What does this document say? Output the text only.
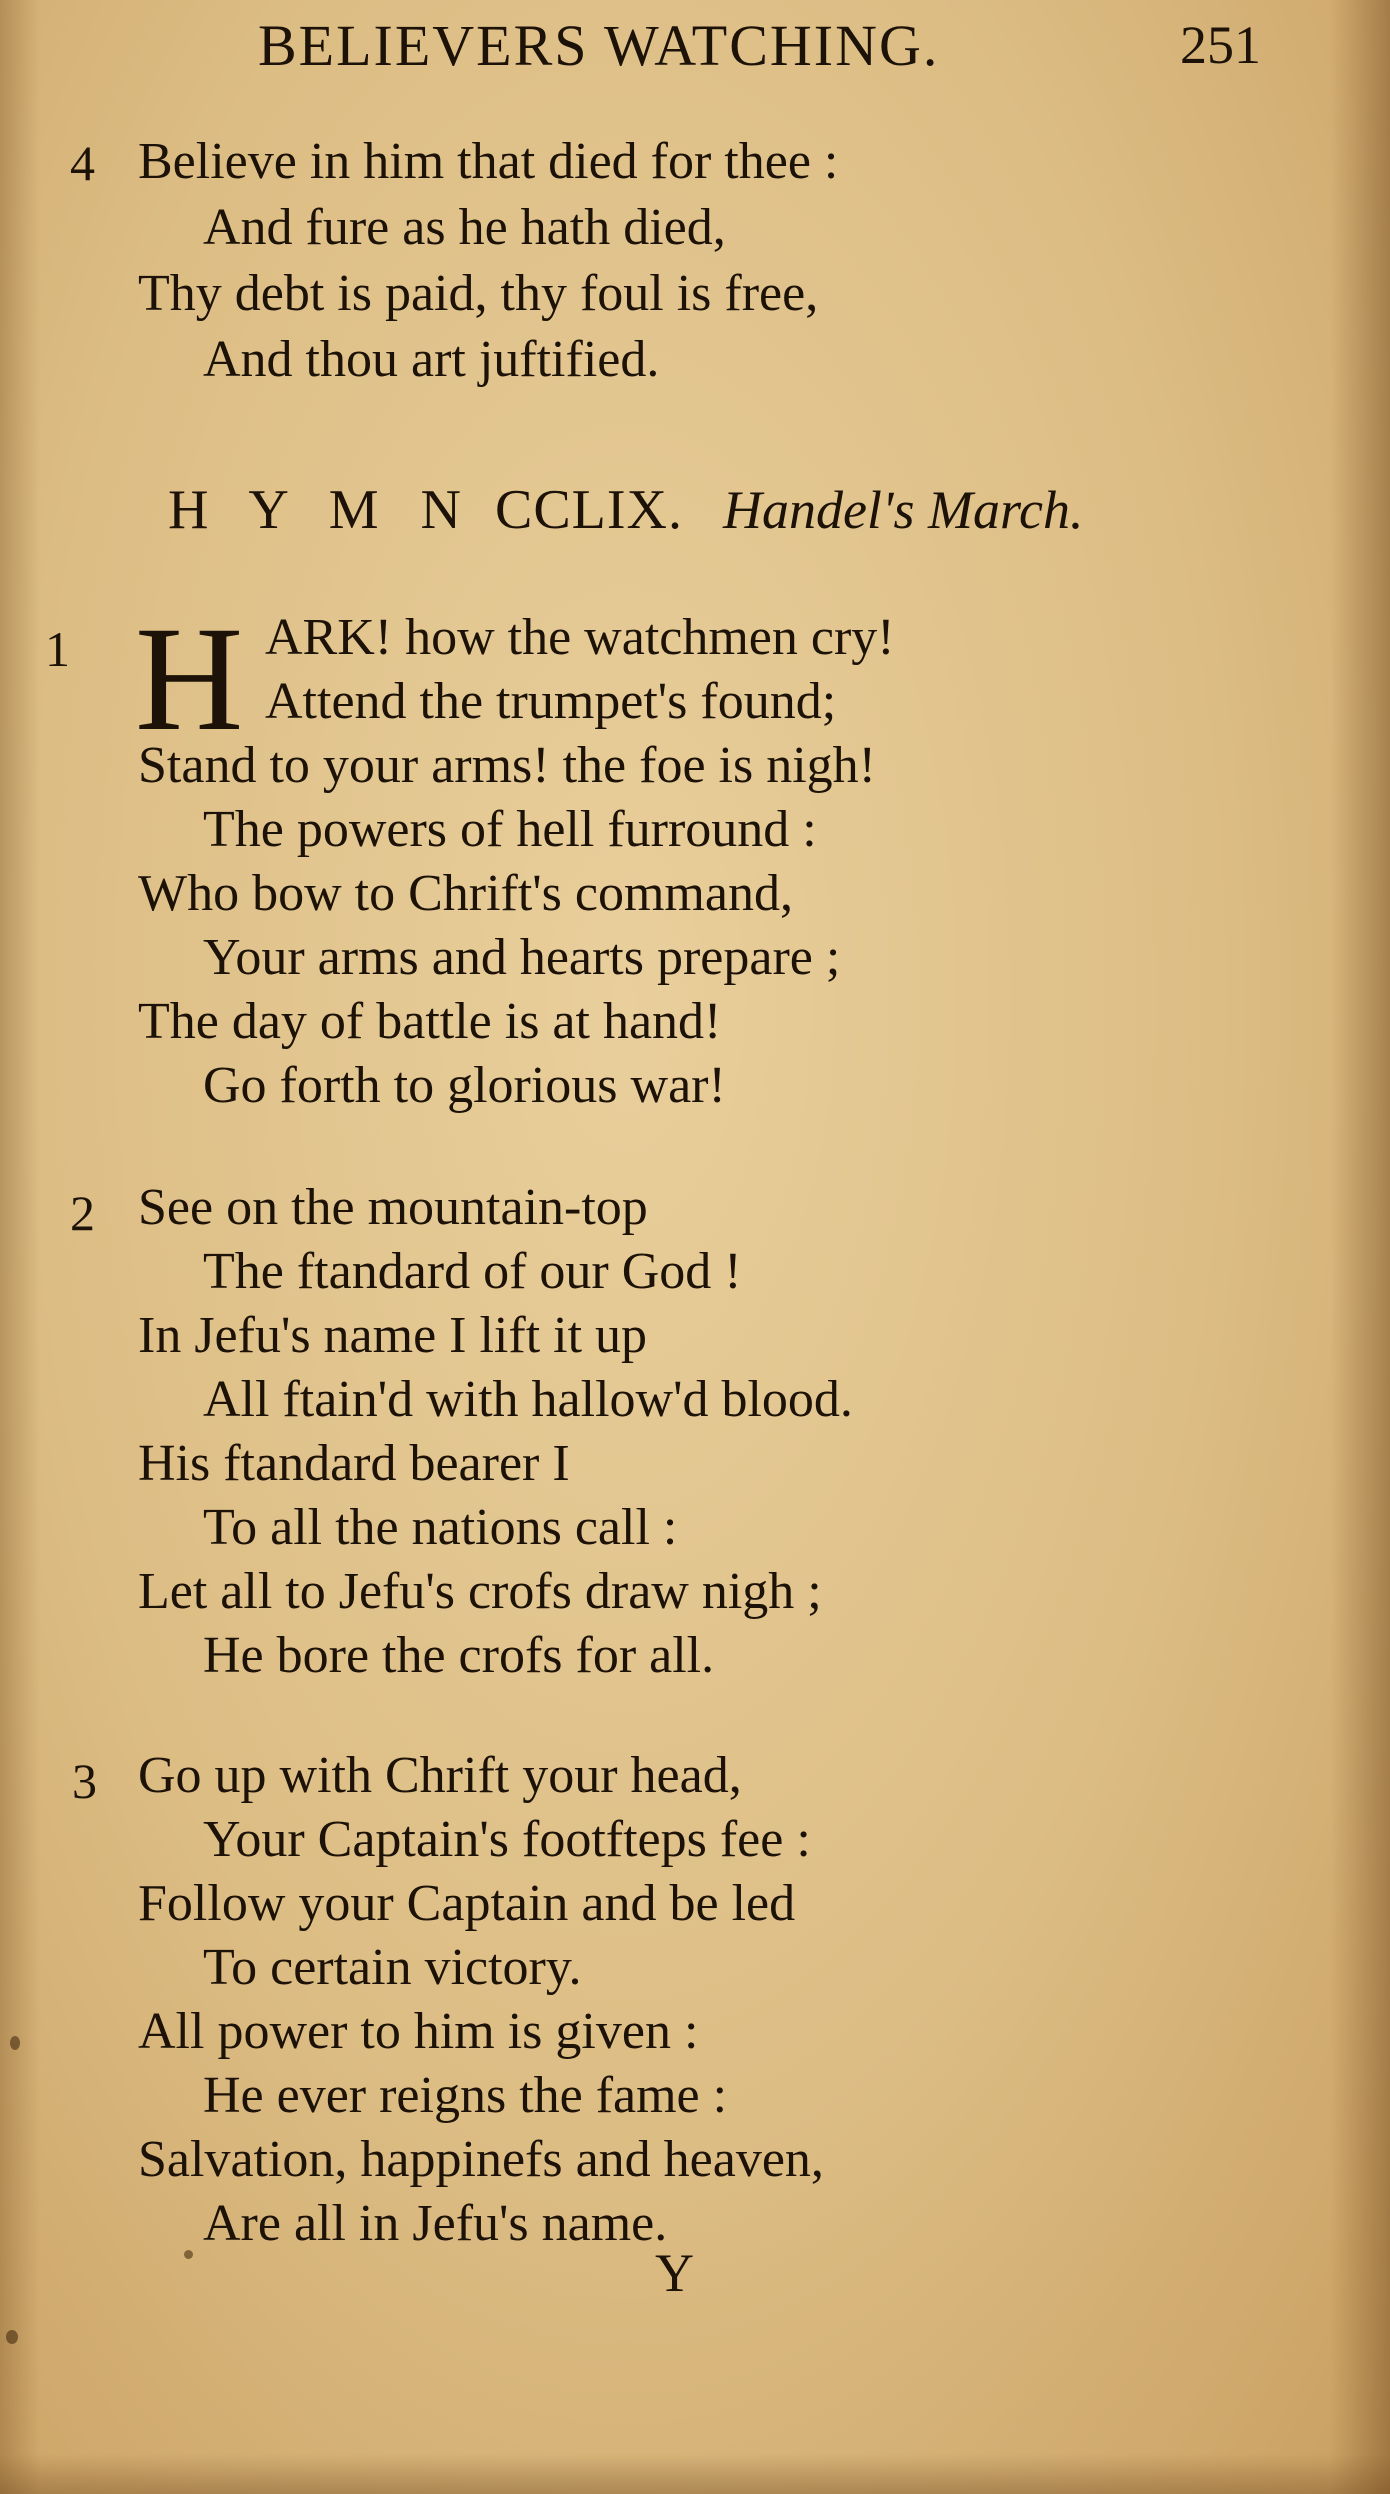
BELIEVERS WATCHING.	251
4 Believe in him that died for thee :
And fure as he hath died,
Thy debt is paid, thy foul is free,
And thou art juftified.
H Y M N CCLIX. Handel's March.
1 H ARK! how the watchmen cry!
Attend the trumpet's found;
Stand to your arms! the foe is nigh!
The powers of hell furround :
Who bow to Chrift's command,
Your arms and hearts prepare ;
The day of battle is at hand!
Go forth to glorious war!
2 See on the mountain-top
The ftandard of our God !
In Jefu's name I lift it up
All ftain'd with hallow'd blood.
His ftandard bearer I
To all the nations call :
Let all to Jefu's crofs draw nigh ;
He bore the crofs for all.
3 Go up with Chrift your head,
Your Captain's footfteps fee :
Follow your Captain and be led
To certain victory.
All power to him is given :
He ever reigns the fame :
Salvation, happinefs and heaven,
Are all in Jefu's name.
Y
